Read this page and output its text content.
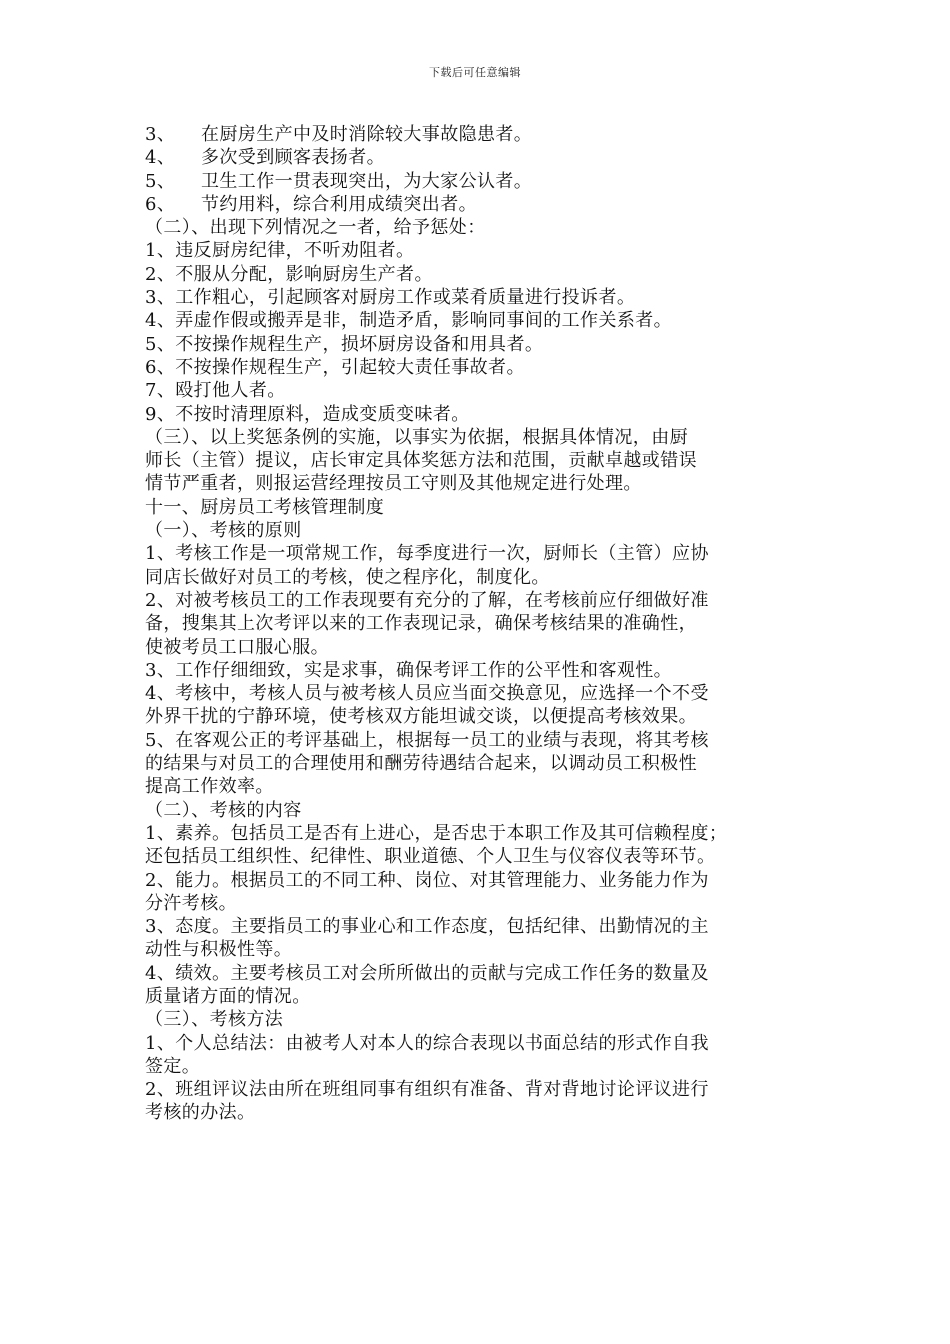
下载后可任意编辑
3、 在厨房生产中及时消除较大事故隐患者。
4、 多次受到顾客表扬者。
5、 卫生工作一贯表现突出，为大家公认者。
6、 节约用料，综合利用成绩突出者。
（二）、出现下列情况之一者，给予惩处：
1、违反厨房纪律，不听劝阻者。
2、不服从分配，影响厨房生产者。
3、工作粗心，引起顾客对厨房工作或菜肴质量进行投诉者。
4、弄虚作假或搬弄是非，制造矛盾，影响同事间的工作关系者。
5、不按操作规程生产，损坏厨房设备和用具者。
6、不按操作规程生产，引起较大责任事故者。
7、殴打他人者。
9、不按时清理原料，造成变质变味者。
（三）、以上奖惩条例的实施，以事实为依据，根据具体情况，由厨
师长（主管）提议，店长审定具体奖惩方法和范围，贡献卓越或错误
情节严重者，则报运营经理按员工守则及其他规定进行处理。
十一、厨房员工考核管理制度
（一）、考核的原则
1、考核工作是一项常规工作，每季度进行一次，厨师长（主管）应协
同店长做好对员工的考核，使之程序化，制度化。
2、对被考核员工的工作表现要有充分的了解，在考核前应仔细做好准
备，搜集其上次考评以来的工作表现记录，确保考核结果的准确性，
使被考员工口服心服。
3、工作仔细细致，实是求事，确保考评工作的公平性和客观性。
4、考核中，考核人员与被考核人员应当面交换意见，应选择一个不受
外界干扰的宁静环境，使考核双方能坦诚交谈，以便提高考核效果。
5、在客观公正的考评基础上，根据每一员工的业绩与表现，将其考核
的结果与对员工的合理使用和酬劳待遇结合起来，以调动员工积极性
提高工作效率。
（二）、考核的内容
1、素养。包括员工是否有上进心，是否忠于本职工作及其可信赖程度；
还包括员工组织性、纪律性、职业道德、个人卫生与仪容仪表等环节。
2、能力。根据员工的不同工种、岗位、对其管理能力、业务能力作为
分汻考核。
3、态度。主要指员工的事业心和工作态度，包括纪律、出勤情况的主
动性与积极性等。
4、绩效。主要考核员工对会所所做出的贡献与完成工作任务的数量及
质量诸方面的情况。
（三）、考核方法
1、个人总结法：由被考人对本人的综合表现以书面总结的形式作自我
签定。
2、班组评议法由所在班组同事有组织有准备、背对背地讨论评议进行
考核的办法。
